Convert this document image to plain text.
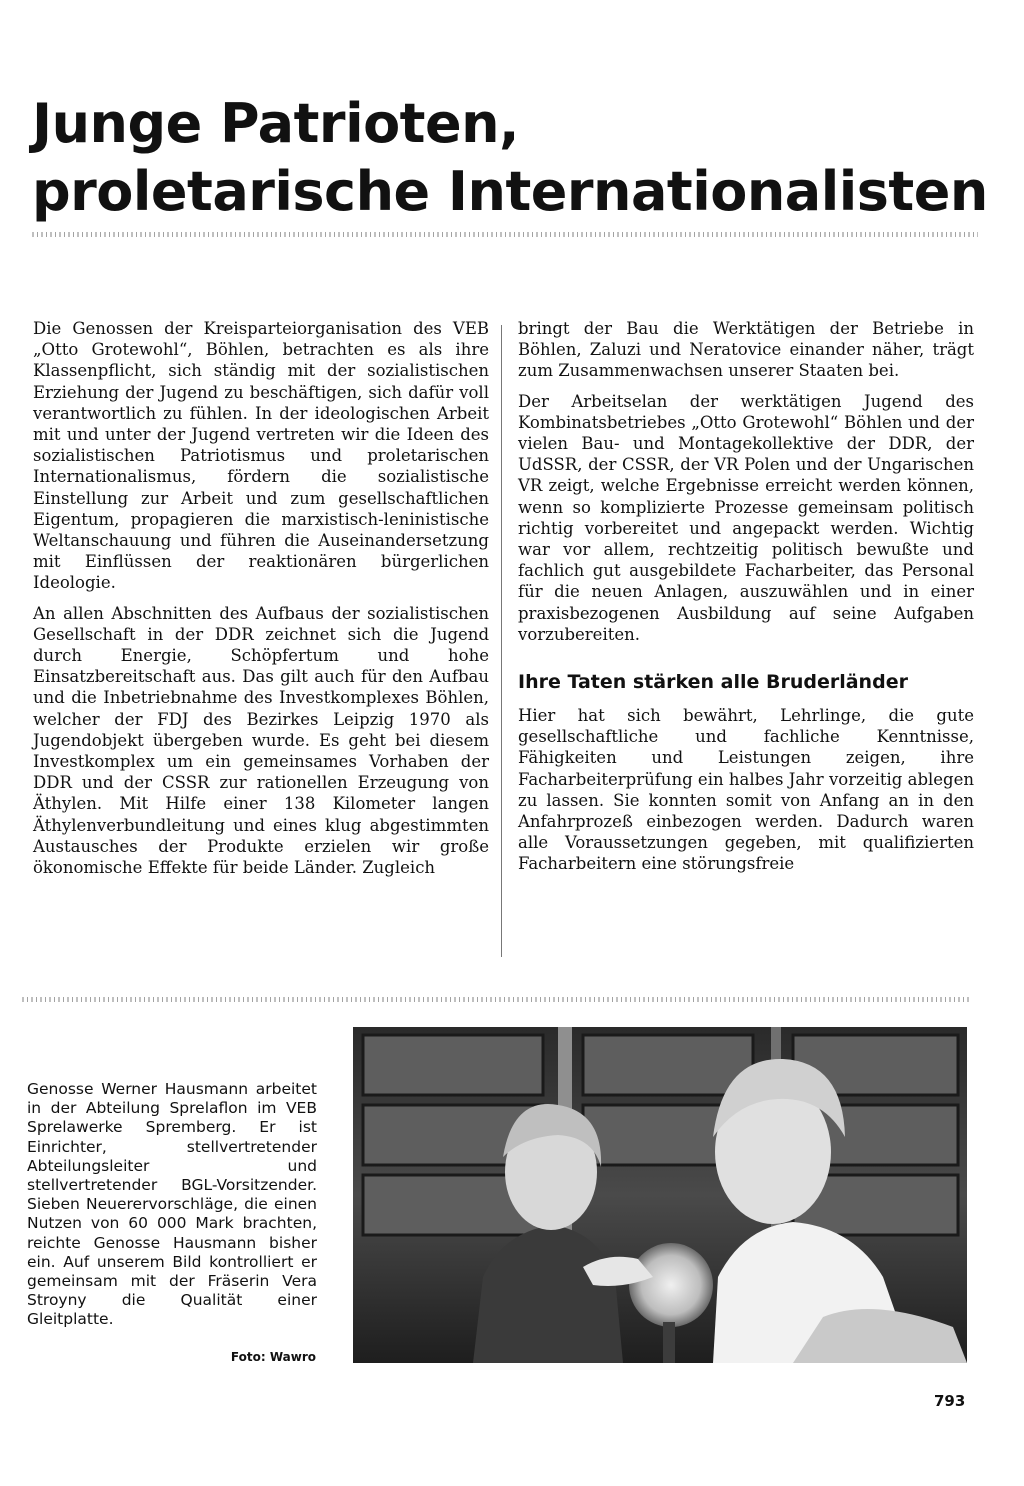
Junge Patrioten,
proletarische Internationalisten

Die Genossen der Kreisparteiorganisation des VEB „Otto Grotewohl“, Böhlen, betrachten es als ihre Klassenpflicht, sich ständig mit der sozialistischen Erziehung der Jugend zu beschäftigen, sich dafür voll verantwortlich zu fühlen. In der ideologischen Arbeit mit und unter der Jugend vertreten wir die Ideen des sozialistischen Patriotismus und proletarischen Internationalismus, fördern die sozialistische Einstellung zur Arbeit und zum gesellschaftlichen Eigentum, propagieren die marxistisch-leninistische Weltanschauung und führen die Auseinandersetzung mit Einflüssen der reaktionären bürgerlichen Ideologie.

An allen Abschnitten des Aufbaus der sozialistischen Gesellschaft in der DDR zeichnet sich die Jugend durch Energie, Schöpfertum und hohe Einsatzbereitschaft aus. Das gilt auch für den Aufbau und die Inbetriebnahme des Investkomplexes Böhlen, welcher der FDJ des Bezirkes Leipzig 1970 als Jugendobjekt übergeben wurde. Es geht bei diesem Investkomplex um ein gemeinsames Vorhaben der DDR und der CSSR zur rationellen Erzeugung von Äthylen. Mit Hilfe einer 138 Kilometer langen Äthylenverbundleitung und eines klug abgestimmten Austausches der Produkte erzielen wir große ökonomische Effekte für beide Länder. Zugleich

bringt der Bau die Werktätigen der Betriebe in Böhlen, Zaluzi und Neratovice einander näher, trägt zum Zusammenwachsen unserer Staaten bei.

Der Arbeitselan der werktätigen Jugend des Kombinatsbetriebes „Otto Grotewohl“ Böhlen und der vielen Bau- und Montagekollektive der DDR, der UdSSR, der CSSR, der VR Polen und der Ungarischen VR zeigt, welche Ergebnisse erreicht werden können, wenn so komplizierte Prozesse gemeinsam politisch richtig vorbereitet und angepackt werden. Wichtig war vor allem, rechtzeitig politisch bewußte und fachlich gut ausgebildete Facharbeiter, das Personal für die neuen Anlagen, auszuwählen und in einer praxisbezogenen Ausbildung auf seine Aufgaben vorzubereiten.

Ihre Taten stärken alle Bruderländer

Hier hat sich bewährt, Lehrlinge, die gute gesellschaftliche und fachliche Kenntnisse, Fähigkeiten und Leistungen zeigen, ihre Facharbeiterprüfung ein halbes Jahr vorzeitig ablegen zu lassen. Sie konnten somit von Anfang an in den Anfahrprozeß einbezogen werden. Dadurch waren alle Voraussetzungen gegeben, mit qualifizierten Facharbeitern eine störungsfreie

Genosse Werner Hausmann arbeitet in der Abteilung Sprelaflon im VEB Sprelawerke Spremberg. Er ist Einrichter, stellvertretender Abteilungsleiter und stellvertretender BGL-Vorsitzender. Sieben Neuerervorschläge, die einen Nutzen von 60 000 Mark brachten, reichte Genosse Hausmann bisher ein. Auf unserem Bild kontrolliert er gemeinsam mit der Fräserin Vera Stroyny die Qualität einer Gleitplatte.

Foto: Wawro
793
